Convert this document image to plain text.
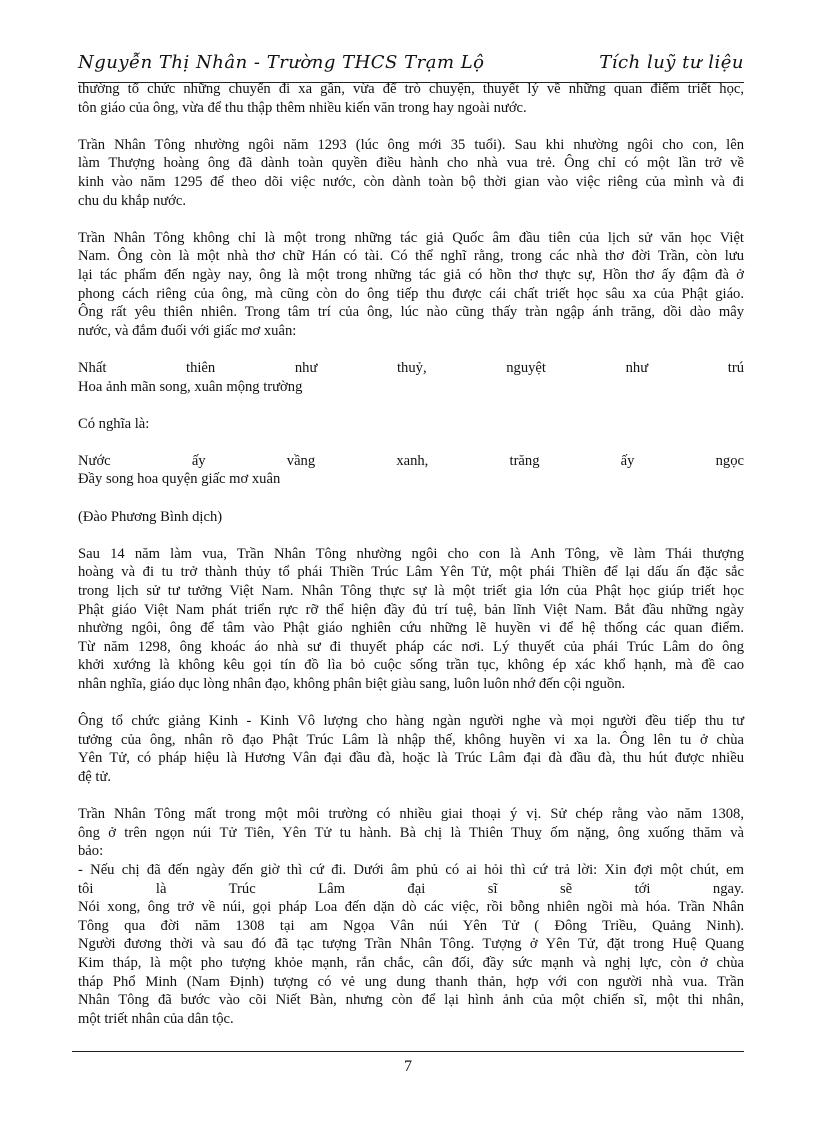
Nguyễn Thị Nhân - Trường THCS Trạm Lộ	Tích luỹ tư liệu

thường tổ chức những chuyến đi xa gần, vừa để trò chuyện, thuyết lý về những quan điểm triết học,

tôn giáo của ông, vừa để thu thập thêm nhiều kiến văn trong hay ngoài nước.

Trần Nhân Tông nhường ngôi năm 1293 (lúc ông mới 35 tuổi). Sau khi nhường ngôi cho con, lên

làm Thượng hoàng ông đã dành toàn quyền điều hành cho nhà vua trẻ. Ông chỉ có một lần trở về

kinh vào năm 1295 để theo dõi việc nước, còn dành toàn bộ thời gian vào việc riêng của mình và đi

chu du khắp nước.

Trần Nhân Tông không chỉ là một trong những tác giả Quốc âm đầu tiên của lịch sử văn học Việt

Nam. Ông còn là một nhà thơ chữ Hán có tài. Có thể nghĩ rằng, trong các nhà thơ đời Trần, còn lưu

lại tác phẩm đến ngày nay, ông là một trong những tác giả có hồn thơ thực sự, Hồn thơ ấy đậm đà ở

phong cách riêng của ông, mà cũng còn do ông tiếp thu được cái chất triết học sâu xa của Phật giáo.

Ông rất yêu thiên nhiên. Trong tâm trí của ông, lúc nào cũng thấy tràn ngập ánh trăng, dồi dào mây

nước, và đắm đuối với giấc mơ xuân:

Nhất thiên như thuỷ, nguyệt như trú

Hoa ảnh mãn song, xuân mộng trường

Có nghĩa là:

Nước ấy vầng xanh, trăng ấy ngọc

Đầy song hoa quyện giấc mơ xuân

(Đào Phương Bình dịch)

Sau 14 năm làm vua, Trần Nhân Tông nhường ngôi cho con là Anh Tông, về làm Thái thượng

hoàng và đi tu trở thành thủy tổ phái Thiền Trúc Lâm Yên Tử, một phái Thiền để lại dấu ấn đặc sắc

trong lịch sử tư tưởng Việt Nam. Nhân Tông thực sự là một triết gia lớn của Phật học giúp triết học

Phật giáo Việt Nam phát triển rực rỡ thể hiện đầy đủ trí tuệ, bản lĩnh Việt Nam. Bắt đầu những ngày

nhường ngôi, ông để tâm vào Phật giáo nghiên cứu những lẽ huyền vi để hệ thống các quan điểm.

Từ năm 1298, ông khoác áo nhà sư đi thuyết pháp các nơi. Lý thuyết của phái Trúc Lâm do ông

khởi xướng là không kêu gọi tín đồ lìa bỏ cuộc sống trần tục, không ép xác khổ hạnh, mà đề cao

nhân nghĩa, giáo dục lòng nhân đạo, không phân biệt giàu sang, luôn luôn nhớ đến cội nguồn.

Ông tổ chức giảng Kinh - Kinh Vô lượng cho hàng ngàn người nghe và mọi người đều tiếp thu tư

tưởng của ông, nhân rõ đạo Phật Trúc Lâm là nhập thế, không huyền vi xa la. Ông lên tu ở chùa

Yên Tử, có pháp hiệu là Hương Vân đại đầu đà, hoặc là Trúc Lâm đại đà đầu đà, thu hút được nhiều

đệ tử.

Trần Nhân Tông mất trong một môi trường có nhiều giai thoại ý vị. Sử chép rằng vào năm 1308,

ông ở trên ngọn núi Tử Tiên, Yên Tử tu hành. Bà chị là Thiên Thuỵ ốm nặng, ông xuống thăm và

bảo:

- Nếu chị đã đến ngày đến giờ thì cứ đi. Dưới âm phủ có ai hỏi thì cứ trả lời: Xin đợi một chút, em

tôi là Trúc Lâm đại sĩ sẽ tới ngay.

Nói xong, ông trở về núi, gọi pháp Loa đến dặn dò các việc, rồi bỗng nhiên ngồi mà hóa. Trần Nhân

Tông qua đời năm 1308 tại am Ngọa Vân núi Yên Tử ( Đông Triều, Quảng Ninh).

Người đương thời và sau đó đã tạc tượng Trần Nhân Tông. Tượng ở Yên Tử, đặt trong Huệ Quang

Kim tháp, là một pho tượng khỏe mạnh, rắn chắc, cân đối, đầy sức mạnh và nghị lực, còn ở chùa

tháp Phổ Minh (Nam Định) tượng có vẻ ung dung thanh thản, hợp với con người nhà vua. Trần

Nhân Tông đã bước vào cõi Niết Bàn, nhưng còn để lại hình ảnh của một chiến sĩ, một thi nhân,

một triết nhân của dân tộc.

7
